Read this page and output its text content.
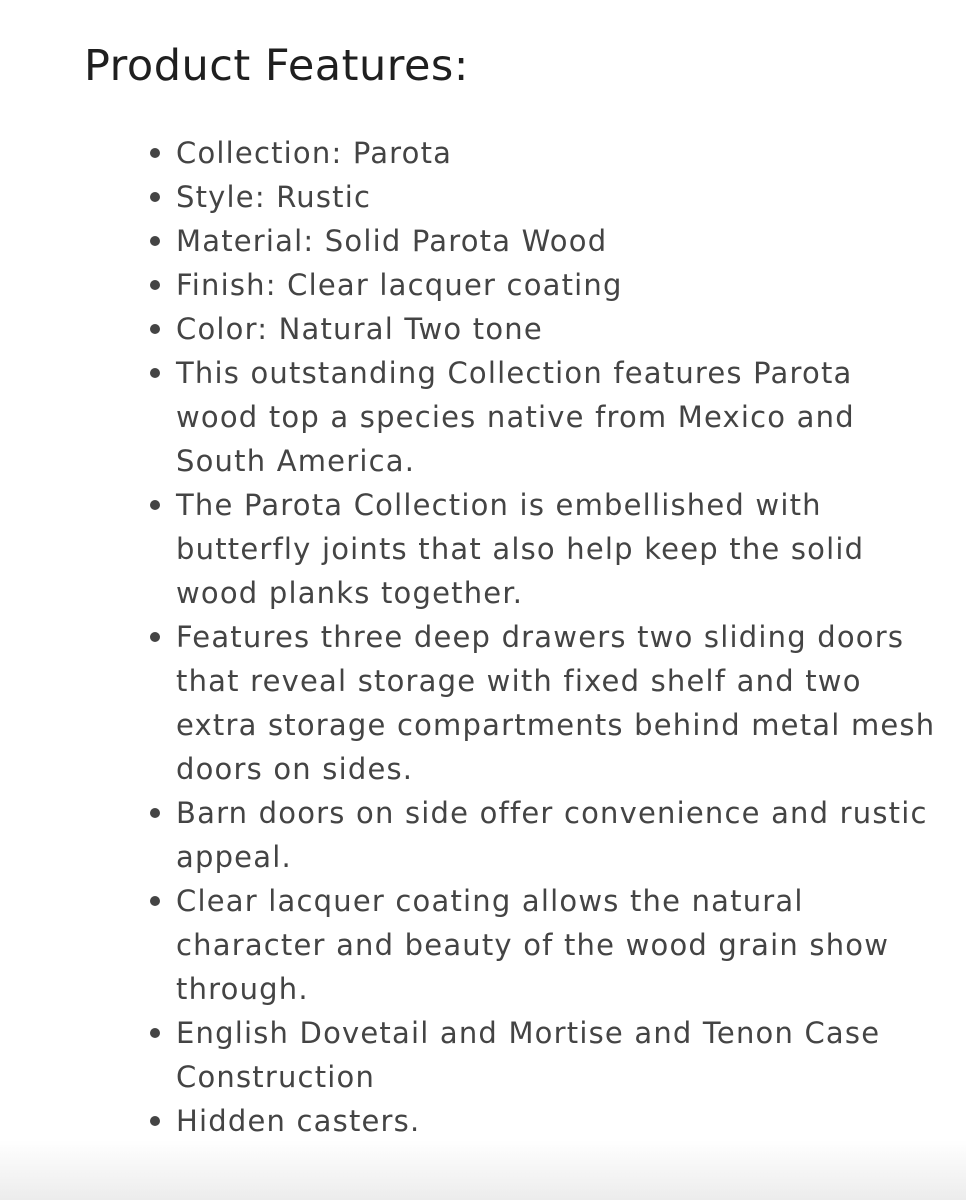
Product Features:
Collection: Parota
Style: Rustic
Material: Solid Parota Wood
Finish: Clear lacquer coating
Color: Natural Two tone
This outstanding Collection features Parota wood top a species native from Mexico and South America.
The Parota Collection is embellished with butterfly joints that also help keep the solid wood planks together.
Features three deep drawers two sliding doors that reveal storage with fixed shelf and two extra storage compartments behind metal mesh doors on sides.
Barn doors on side offer convenience and rustic appeal.
Clear lacquer coating allows the natural character and beauty of the wood grain show through.
English Dovetail and Mortise and Tenon Case Construction
Hidden casters.
